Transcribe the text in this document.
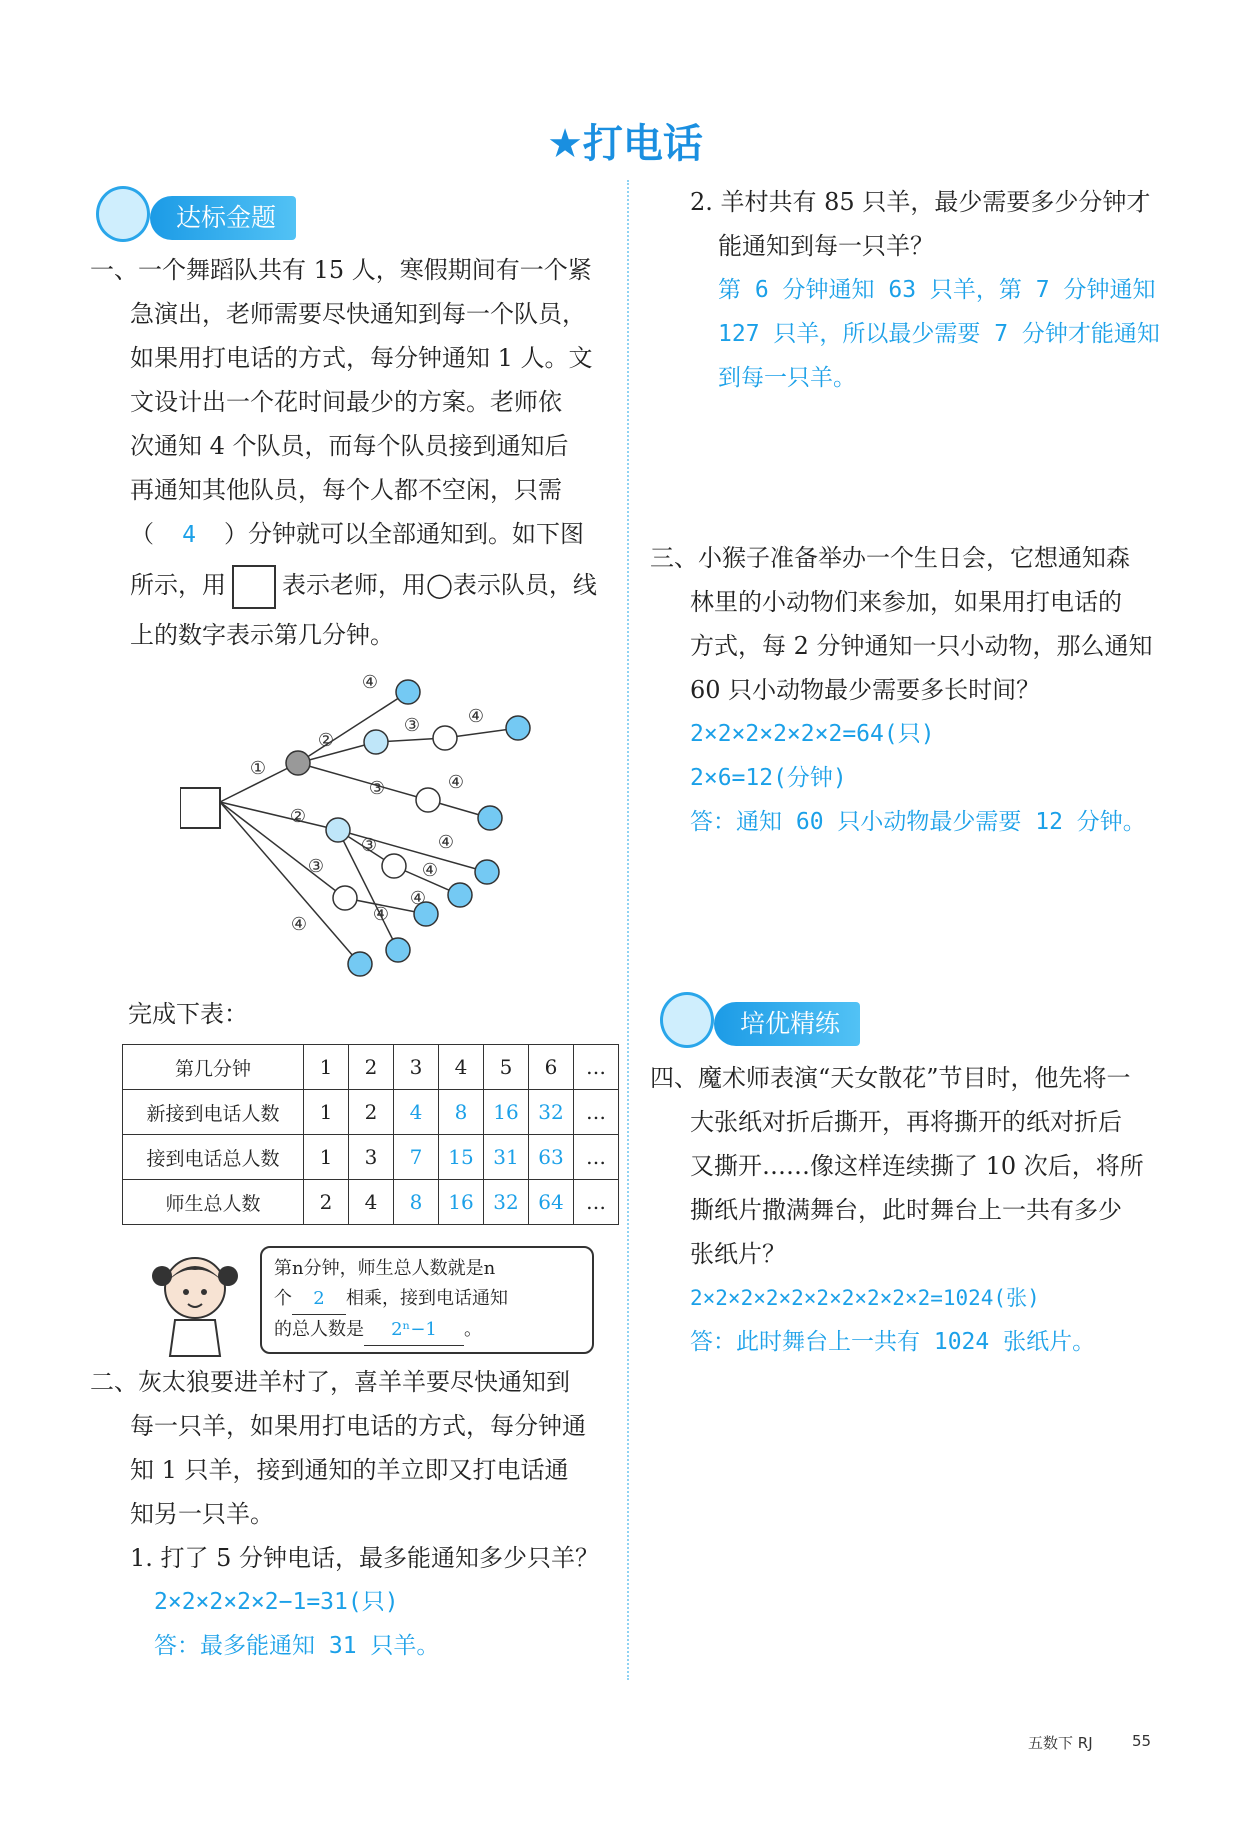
★打电话
达标金题
一、一个舞蹈队共有 15 人，寒假期间有一个紧
急演出，老师需要尽快通知到每一个队员，
如果用打电话的方式，每分钟通知 1 人。文
文设计出一个花时间最少的方案。老师依
次通知 4 个队员，而每个队员接到通知后
再通知其他队员，每个人都不空闲，只需
（ 4 ）分钟就可以全部通知到。如下图
所示，用 表示老师，用◯表示队员，线
上的数字表示第几分钟。
①
②
②
③
③
③
③
④
④
④
④
④
④
④
④
完成下表：
第几分钟	1	2	3	4	5	6	…
新接到电话人数	1	2	4	8	16	32	…
接到电话总人数	1	3	7	15	31	63	…
师生总人数	2	4	8	16	32	64	…
第n分钟，师生总人数就是n
个 2 相乘，接到电话通知
的总人数是 2ⁿ−1 。
二、灰太狼要进羊村了，喜羊羊要尽快通知到
每一只羊，如果用打电话的方式，每分钟通
知 1 只羊，接到通知的羊立即又打电话通
知另一只羊。
1. 打了 5 分钟电话，最多能通知多少只羊？
2×2×2×2×2−1=31(只)
答：最多能通知 31 只羊。
2. 羊村共有 85 只羊，最少需要多少分钟才
能通知到每一只羊？
第 6 分钟通知 63 只羊，第 7 分钟通知
127 只羊，所以最少需要 7 分钟才能通知
到每一只羊。
三、小猴子准备举办一个生日会，它想通知森
林里的小动物们来参加，如果用打电话的
方式，每 2 分钟通知一只小动物，那么通知
60 只小动物最少需要多长时间？
2×2×2×2×2×2=64(只)
2×6=12(分钟)
答：通知 60 只小动物最少需要 12 分钟。
培优精练
四、魔术师表演“天女散花”节目时，他先将一
大张纸对折后撕开，再将撕开的纸对折后
又撕开……像这样连续撕了 10 次后，将所
撕纸片撒满舞台，此时舞台上一共有多少
张纸片？
2×2×2×2×2×2×2×2×2×2=1024(张)
答：此时舞台上一共有 1024 张纸片。
五数下 RJ	55
